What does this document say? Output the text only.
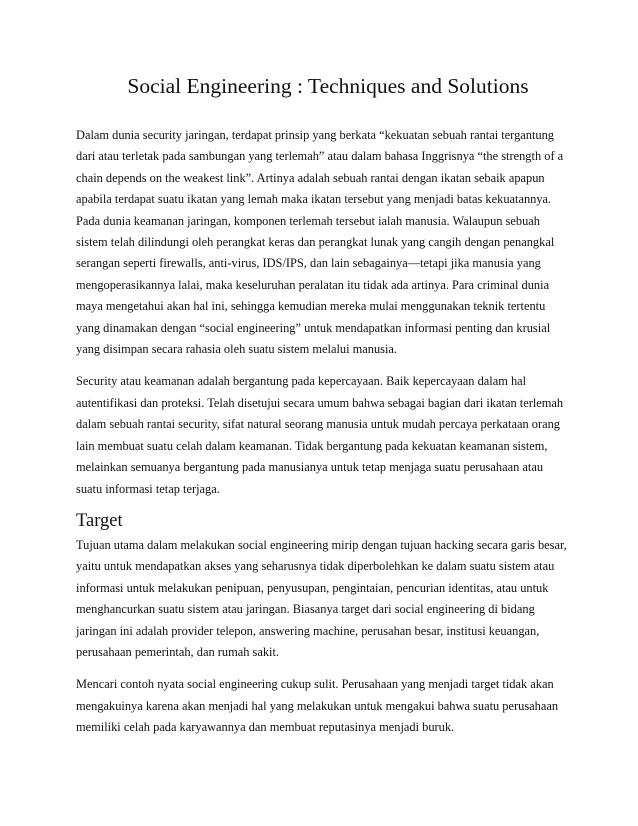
Social Engineering : Techniques and Solutions

Dalam dunia security jaringan, terdapat prinsip yang berkata “kekuatan sebuah rantai tergantung dari atau terletak pada sambungan yang terlemah” atau dalam bahasa Inggrisnya “the strength of a chain depends on the weakest link”. Artinya adalah sebuah rantai dengan ikatan sebaik apapun apabila terdapat suatu ikatan yang lemah maka ikatan tersebut yang menjadi batas kekuatannya. Pada dunia keamanan jaringan, komponen terlemah tersebut ialah manusia. Walaupun sebuah sistem telah dilindungi oleh perangkat keras dan perangkat lunak yang cangih dengan penangkal serangan seperti firewalls, anti-virus, IDS/IPS, dan lain sebagainya—tetapi jika manusia yang mengoperasikannya lalai, maka keseluruhan peralatan itu tidak ada artinya. Para criminal dunia maya mengetahui akan hal ini, sehingga kemudian mereka mulai menggunakan teknik tertentu yang dinamakan dengan “social engineering” untuk mendapatkan informasi penting dan krusial yang disimpan secara rahasia oleh suatu sistem melalui manusia.

Security atau keamanan adalah bergantung pada kepercayaan. Baik kepercayaan dalam hal autentifikasi dan proteksi. Telah disetujui secara umum bahwa sebagai bagian dari ikatan terlemah dalam sebuah rantai security, sifat natural seorang manusia untuk mudah percaya perkataan orang lain membuat suatu celah dalam keamanan. Tidak bergantung pada kekuatan keamanan sistem, melainkan semuanya bergantung pada manusianya untuk tetap menjaga suatu perusahaan atau suatu informasi tetap terjaga.

Target

Tujuan utama dalam melakukan social engineering mirip dengan tujuan hacking secara garis besar, yaitu untuk mendapatkan akses yang seharusnya tidak diperbolehkan ke dalam suatu sistem atau informasi untuk melakukan penipuan, penyusupan, pengintaian, pencurian identitas, atau untuk menghancurkan suatu sistem atau jaringan. Biasanya target dari social engineering di bidang jaringan ini adalah provider telepon, answering machine, perusahan besar, institusi keuangan, perusahaan pemerintah, dan rumah sakit.

Mencari contoh nyata social engineering cukup sulit. Perusahaan yang menjadi target tidak akan mengakuinya karena akan menjadi hal yang melakukan untuk mengakui bahwa suatu perusahaan memiliki celah pada karyawannya dan membuat reputasinya menjadi buruk.
